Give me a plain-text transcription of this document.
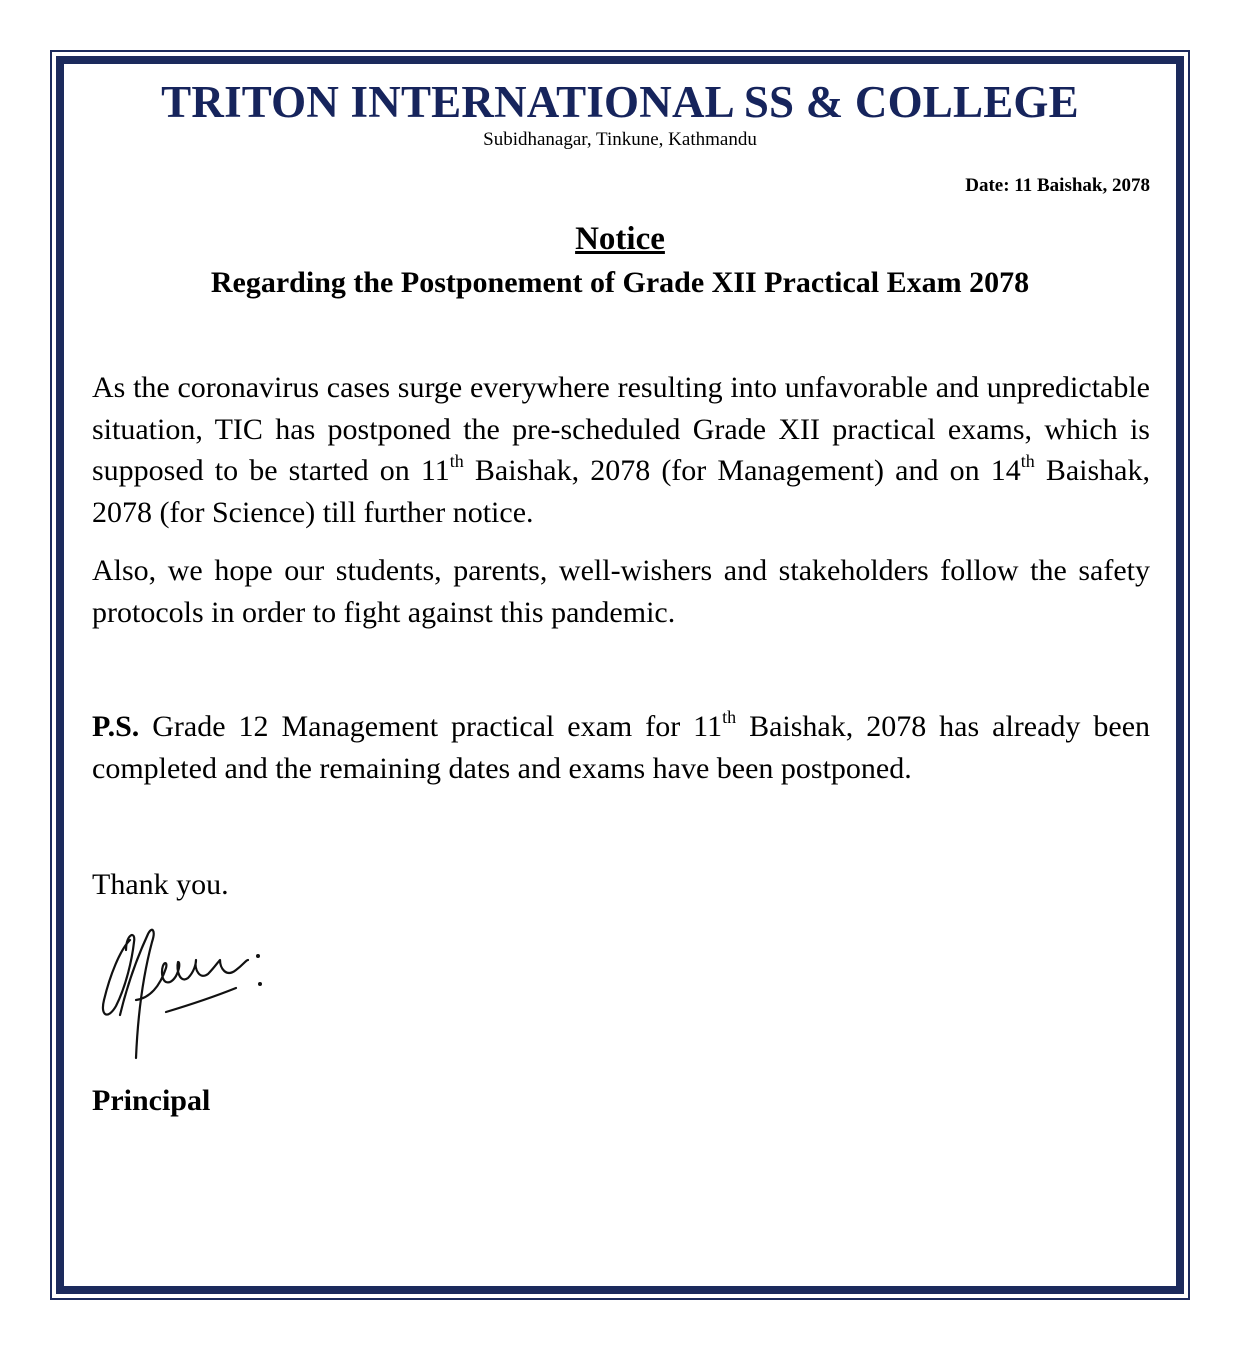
TRITON INTERNATIONAL SS & COLLEGE
Subidhanagar, Tinkune, Kathmandu
Date: 11 Baishak, 2078
Notice
Regarding the Postponement of Grade XII Practical Exam 2078

As the coronavirus cases surge everywhere resulting into unfavorable and unpredictable situation, TIC has postponed the pre-scheduled Grade XII practical exams, which is supposed to be started on 11th Baishak, 2078 (for Management) and on 14th Baishak, 2078 (for Science) till further notice.

Also, we hope our students, parents, well-wishers and stakeholders follow the safety protocols in order to fight against this pandemic.

P.S. Grade 12 Management practical exam for 11th Baishak, 2078 has already been completed and the remaining dates and exams have been postponed.

Thank you.

Principal
